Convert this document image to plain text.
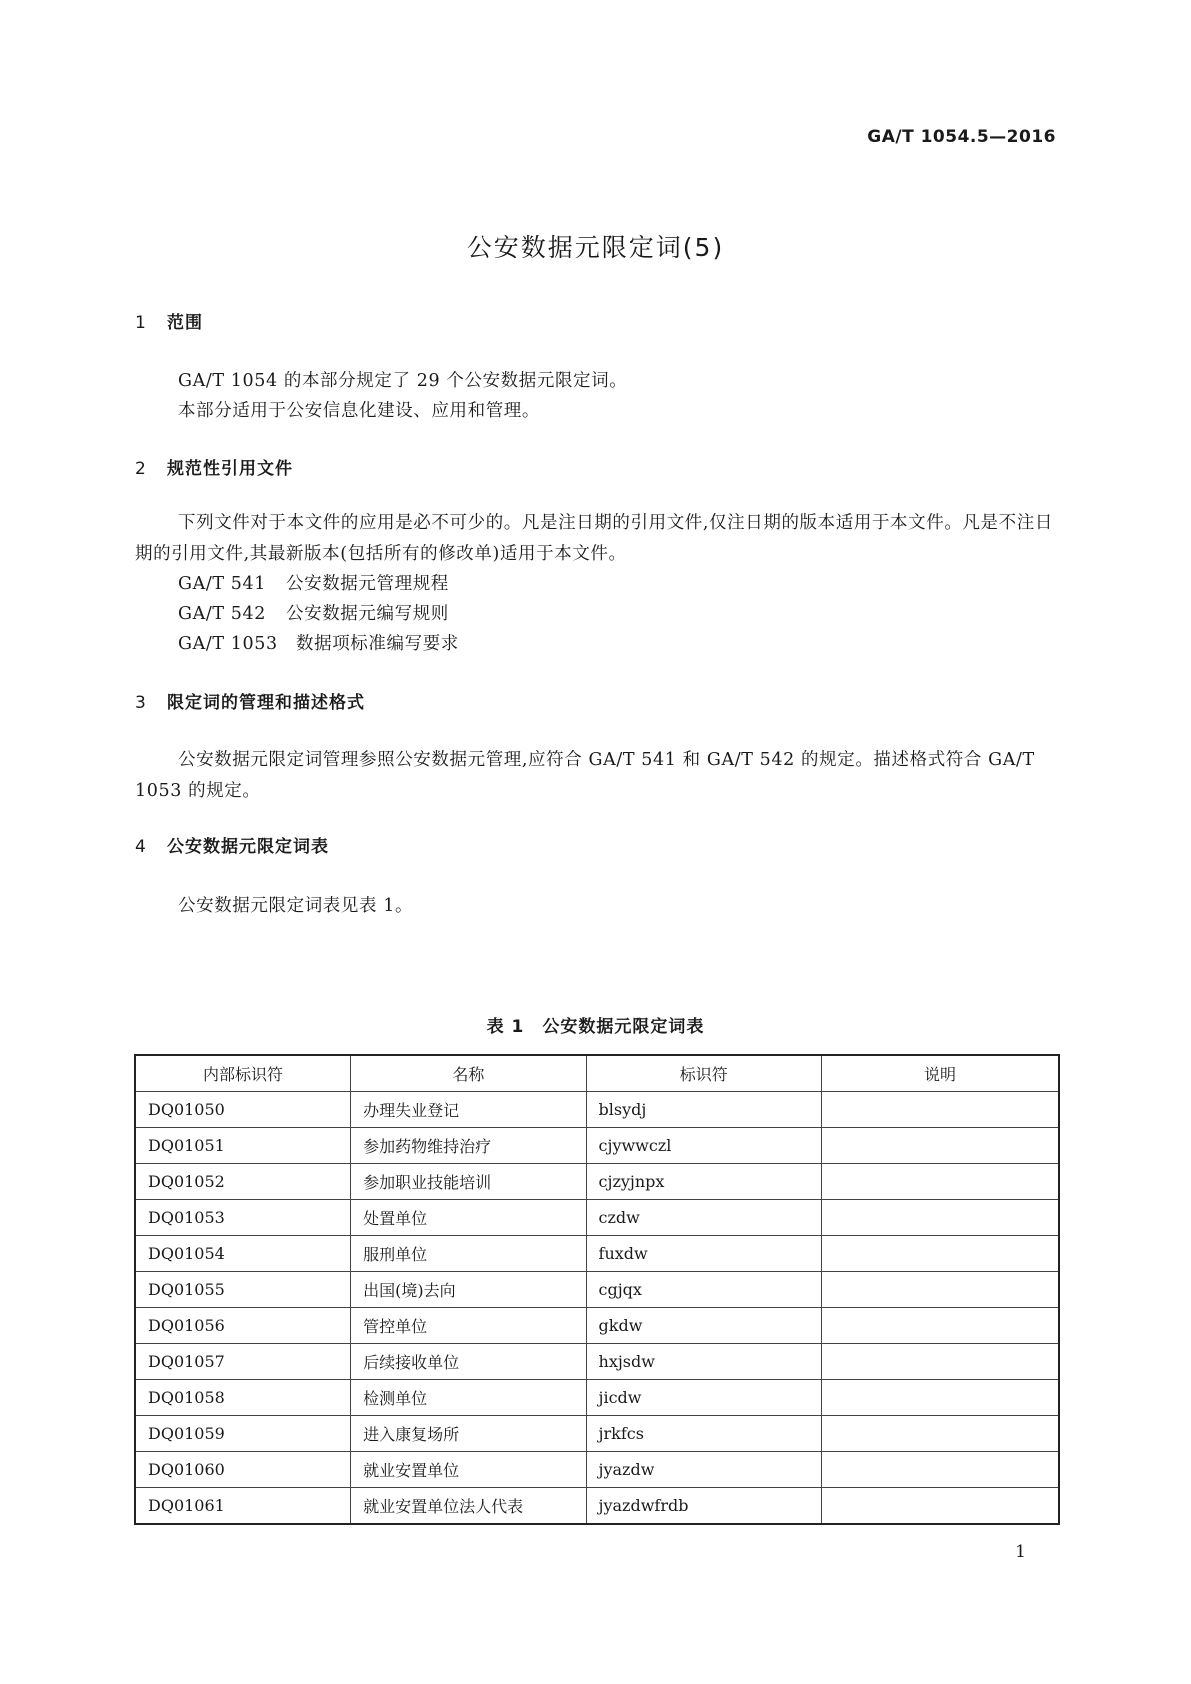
GA/T 1054.5—2016
公安数据元限定词(5)
1 范围
GA/T 1054 的本部分规定了 29 个公安数据元限定词。
本部分适用于公安信息化建设、应用和管理。
2 规范性引用文件
下列文件对于本文件的应用是必不可少的。凡是注日期的引用文件,仅注日期的版本适用于本文件。凡是不注日期的引用文件,其最新版本(包括所有的修改单)适用于本文件。
GA/T 541 公安数据元管理规程
GA/T 542 公安数据元编写规则
GA/T 1053 数据项标准编写要求
3 限定词的管理和描述格式
公安数据元限定词管理参照公安数据元管理,应符合 GA/T 541 和 GA/T 542 的规定。描述格式符合 GA/T 1053 的规定。
4 公安数据元限定词表
公安数据元限定词表见表 1。
表 1　公安数据元限定词表
内部标识符	名称	标识符	说明
DQ01050	办理失业登记	blsydj	
DQ01051	参加药物维持治疗	cjywwczl	
DQ01052	参加职业技能培训	cjzyjnpx	
DQ01053	处置单位	czdw	
DQ01054	服刑单位	fuxdw	
DQ01055	出国(境)去向	cgjqx	
DQ01056	管控单位	gkdw	
DQ01057	后续接收单位	hxjsdw	
DQ01058	检测单位	jicdw	
DQ01059	进入康复场所	jrkfcs	
DQ01060	就业安置单位	jyazdw	
DQ01061	就业安置单位法人代表	jyazdwfrdb	
1
